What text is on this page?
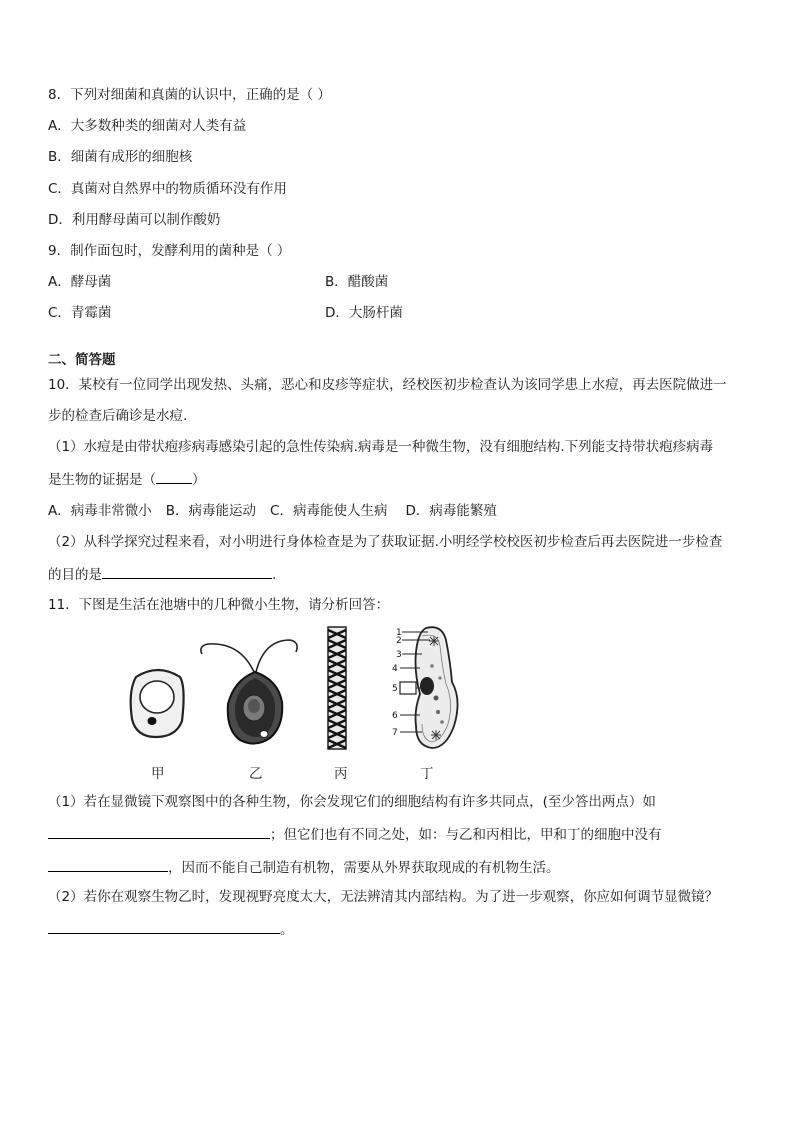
8．下列对细菌和真菌的认识中，正确的是（ ）
A．大多数种类的细菌对人类有益
B．细菌有成形的细胞核
C．真菌对自然界中的物质循环没有作用
D．利用酵母菌可以制作酸奶
9．制作面包时，发酵利用的菌种是（ ）
A．酵母菌	B．醋酸菌
C．青霉菌	D．大肠杆菌
二、简答题
10．某校有一位同学出现发热、头痛，恶心和皮疹等症状，经校医初步检查认为该同学患上水痘，再去医院做进一
步的检查后确诊是水痘.
（1）水痘是由带状疱疹病毒感染引起的急性传染病.病毒是一种微生物，没有细胞结构.下列能支持带状疱疹病毒
是生物的证据是（	）
A．病毒非常微小 B．病毒能运动 C．病毒能使人生病 D．病毒能繁殖
（2）从科学探究过程来看，对小明进行身体检查是为了获取证据.小明经学校校医初步检查后再去医院进一步检查
的目的是	.
11．下图是生活在池塘中的几种微小生物，请分析回答：
1
2
3
4
5
6
7
甲	乙	丙	丁
（1）若在显微镜下观察图中的各种生物，你会发现它们的细胞结构有许多共同点，(至少答出两点）如
；但它们也有不同之处，如：与乙和丙相比，甲和丁的细胞中没有
，因而不能自己制造有机物，需要从外界获取现成的有机物生活。
（2）若你在观察生物乙时，发现视野亮度太大，无法辨清其内部结构。为了进一步观察，你应如何调节显微镜？
。
